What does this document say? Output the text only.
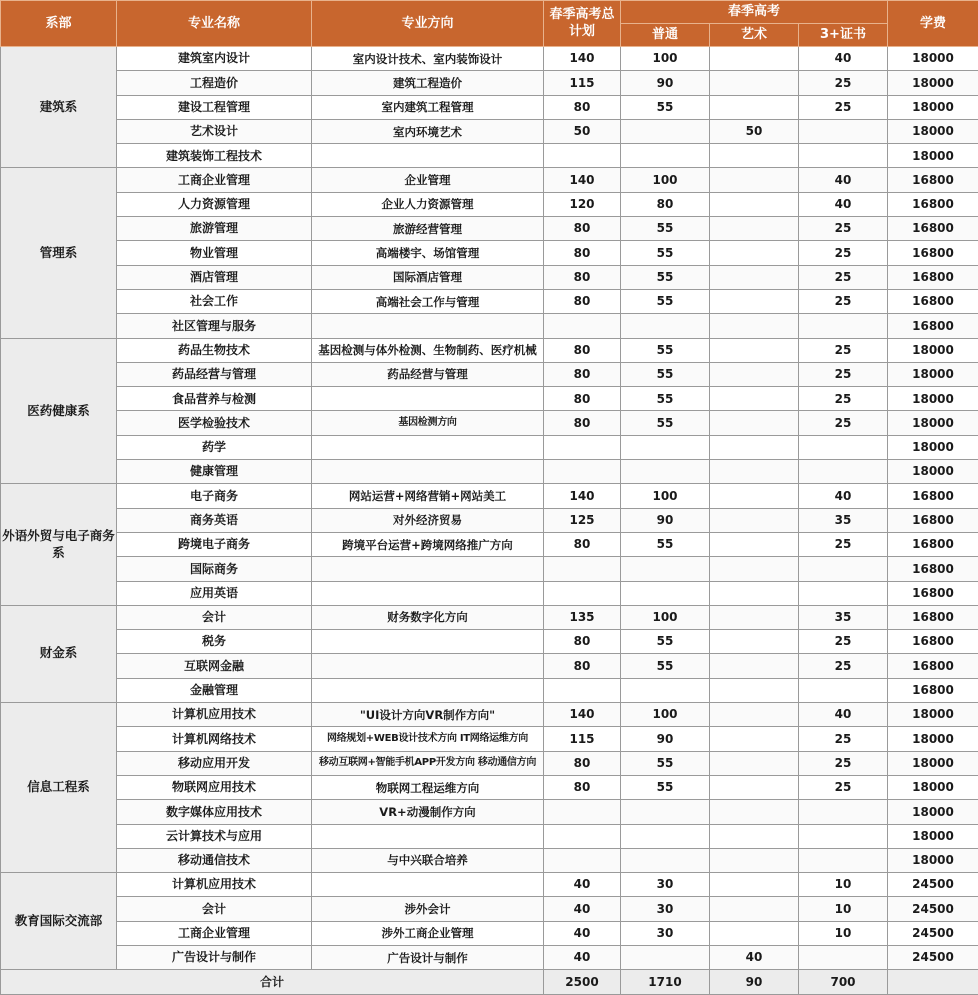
系部	专业名称	专业方向	春季高考总计划	春季高考			学费
				普通	艺术	3+证书	
建筑系	建筑室内设计	室内设计技术、室内装饰设计	140	100		40	18000
	工程造价	建筑工程造价	115	90		25	18000
	建设工程管理	室内建筑工程管理	80	55		25	18000
	艺术设计	室内环境艺术	50		50		18000
	建筑装饰工程技术						18000
管理系	工商企业管理	企业管理	140	100		40	16800
	人力资源管理	企业人力资源管理	120	80		40	16800
	旅游管理	旅游经营管理	80	55		25	16800
	物业管理	高端楼宇、场馆管理	80	55		25	16800
	酒店管理	国际酒店管理	80	55		25	16800
	社会工作	高端社会工作与管理	80	55		25	16800
	社区管理与服务						16800
医药健康系	药品生物技术	基因检测与体外检测、生物制药、医疗机械	80	55		25	18000
	药品经营与管理	药品经营与管理	80	55		25	18000
	食品营养与检测		80	55		25	18000
	医学检验技术	基因检测方向	80	55		25	18000
	药学						18000
	健康管理						18000
外语外贸与电子商务系	电子商务	网站运营+网络营销+网站美工	140	100		40	16800
	商务英语	对外经济贸易	125	90		35	16800
	跨境电子商务	跨境平台运营+跨境网络推广方向	80	55		25	16800
	国际商务						16800
	应用英语						16800
财金系	会计	财务数字化方向	135	100		35	16800
	税务		80	55		25	16800
	互联网金融		80	55		25	16800
	金融管理						16800
信息工程系	计算机应用技术	"UI设计方向VR制作方向"	140	100		40	18000
	计算机网络技术	网络规划+WEB设计技术方向 IT网络运维方向	115	90		25	18000
	移动应用开发	移动互联网+智能手机APP开发方向 移动通信方向	80	55		25	18000
	物联网应用技术	物联网工程运维方向	80	55		25	18000
	数字媒体应用技术	VR+动漫制作方向					18000
	云计算技术与应用						18000
	移动通信技术	与中兴联合培养					18000
教育国际交流部	计算机应用技术		40	30		10	24500
	会计	涉外会计	40	30		10	24500
	工商企业管理	涉外工商企业管理	40	30		10	24500
	广告设计与制作	广告设计与制作	40		40		24500
合计			2500	1710	90	700	
